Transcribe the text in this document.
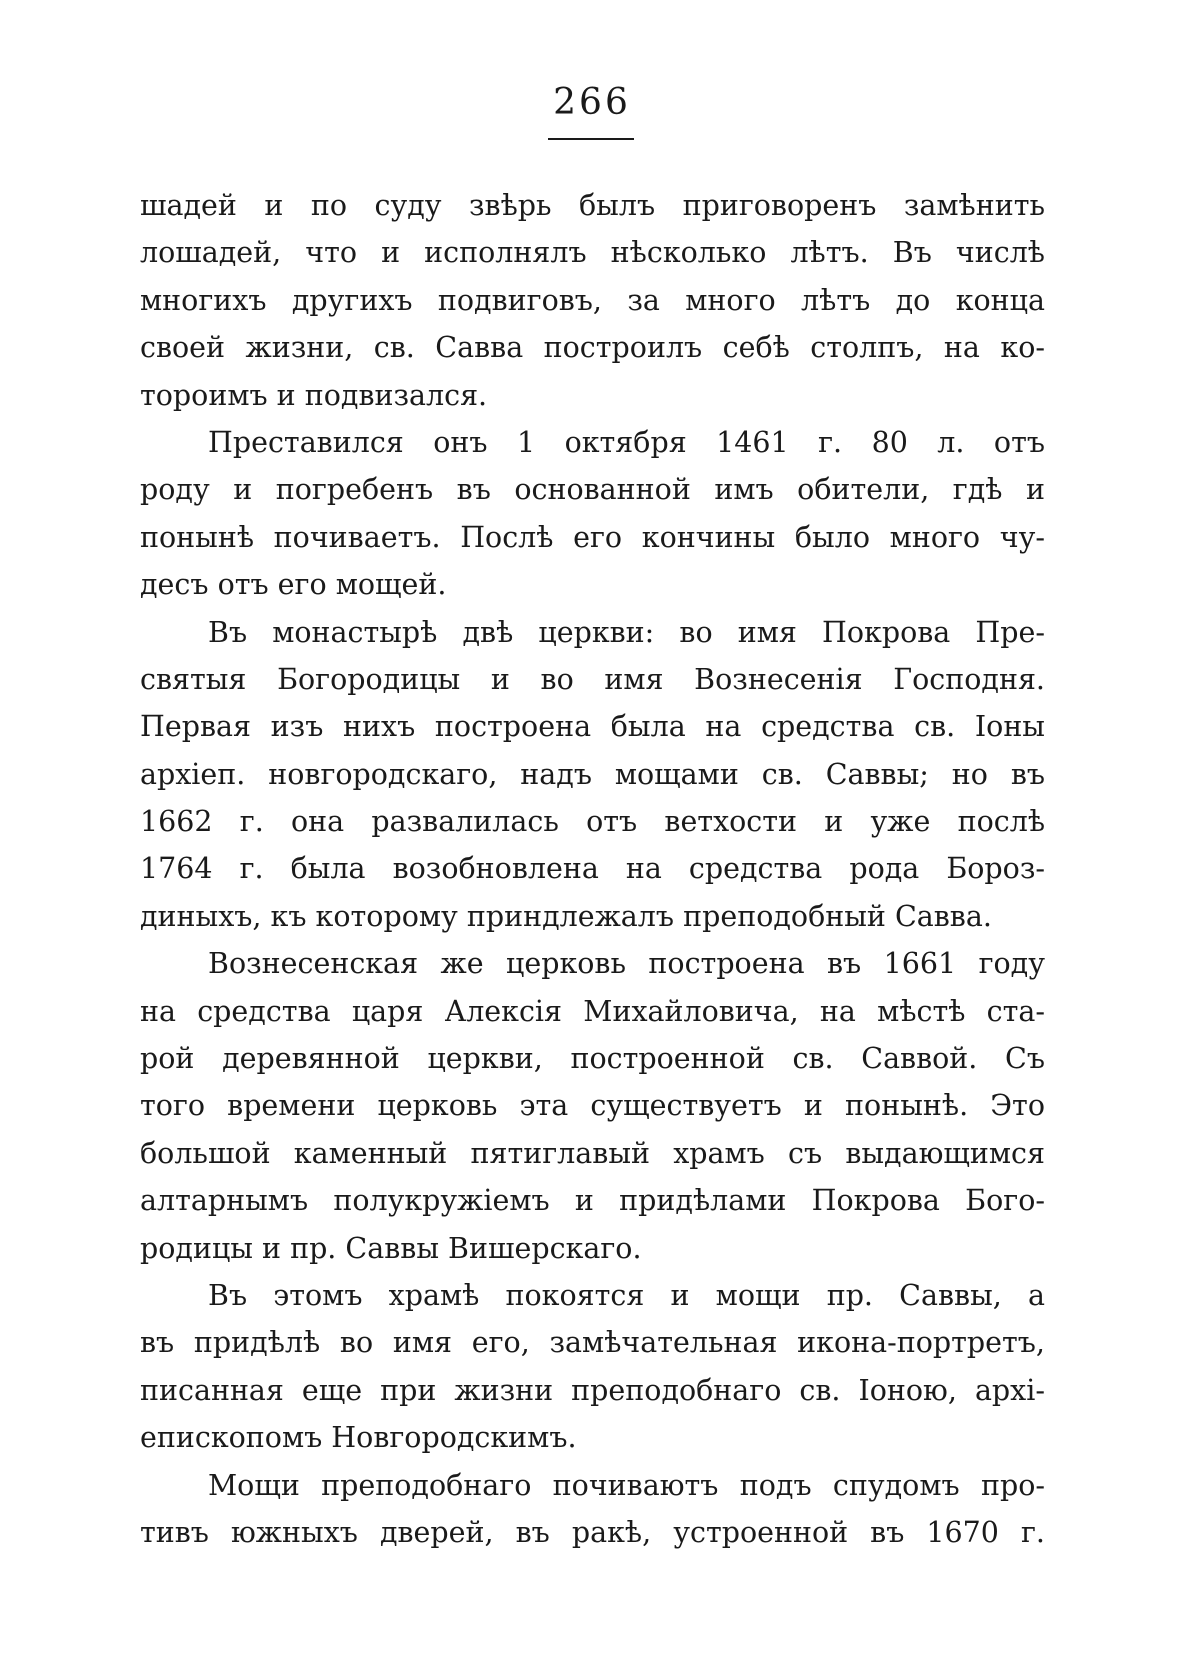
266
шадей и по суду звѣрь былъ приговоренъ замѣнить
лошадей, что и исполнялъ нѣсколько лѣтъ. Въ числѣ
многихъ другихъ подвиговъ, за много лѣтъ до конца
своей жизни, св. Савва построилъ себѣ столпъ, на ко-
тороимъ и подвизался.
Преставился онъ 1 октября 1461 г. 80 л. отъ
роду и погребенъ въ основанной имъ обители, гдѣ и
понынѣ почиваетъ. Послѣ его кончины было много чу-
десъ отъ его мощей.
Въ монастырѣ двѣ церкви: во имя Покрова Пре-
святыя Богородицы и во имя Вознесенія Господня.
Первая изъ нихъ построена была на средства св. Іоны
архіеп. новгородскаго, надъ мощами св. Саввы; но въ
1662 г. она развалилась отъ ветхости и уже послѣ
1764 г. была возобновлена на средства рода Бороз-
диныхъ, къ которому приндлежалъ преподобный Савва.
Вознесенская же церковь построена въ 1661 году
на средства царя Алексія Михайловича, на мѣстѣ ста-
рой деревянной церкви, построенной св. Саввой. Съ
того времени церковь эта существуетъ и понынѣ. Это
большой каменный пятиглавый храмъ съ выдающимся
алтарнымъ полукружіемъ и придѣлами Покрова Бого-
родицы и пр. Саввы Вишерскаго.
Въ этомъ храмѣ покоятся и мощи пр. Саввы, а
въ придѣлѣ во имя его, замѣчательная икона-портретъ,
писанная еще при жизни преподобнаго св. Іоною, архі-
епископомъ Новгородскимъ.
Мощи преподобнаго почиваютъ подъ спудомъ про-
тивъ южныхъ дверей, въ ракѣ, устроенной въ 1670 г.
